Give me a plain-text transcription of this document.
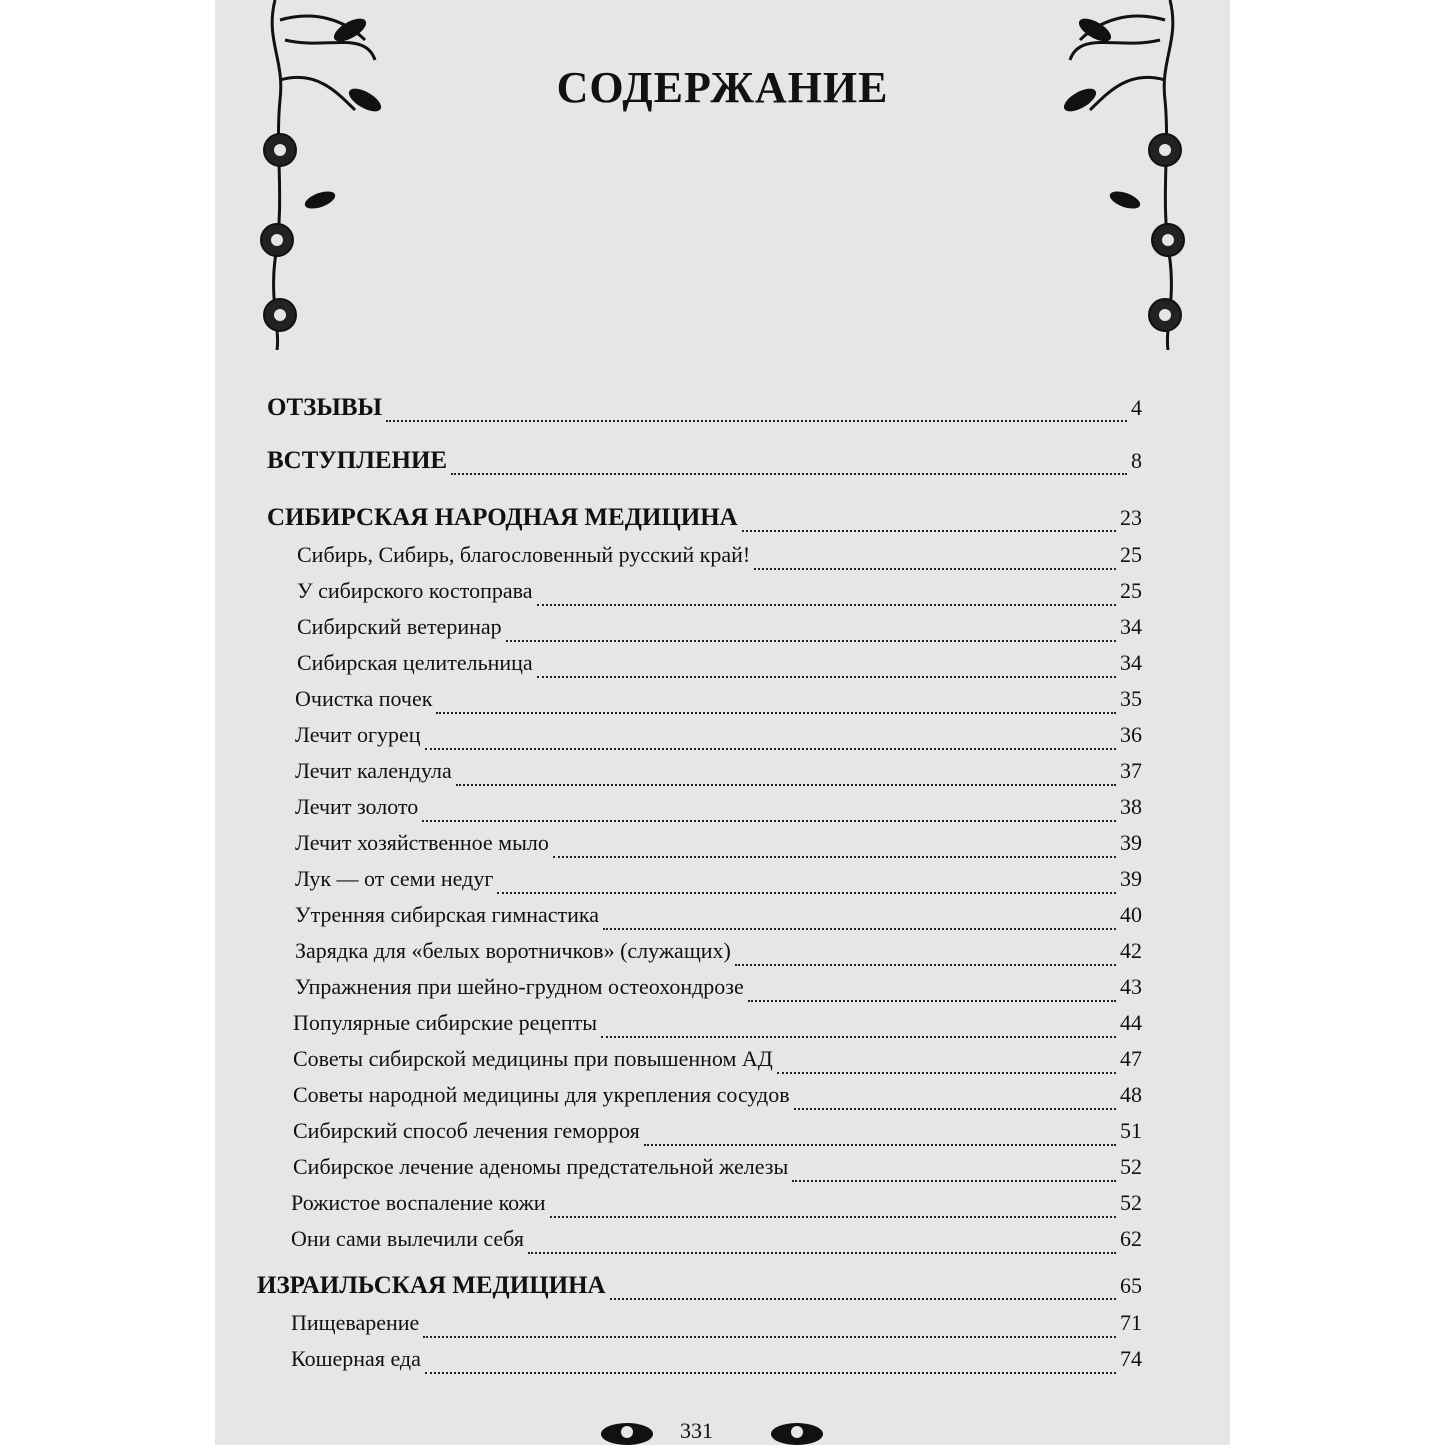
СОДЕРЖАНИЕ
ОТЗЫВЫ	4
ВСТУПЛЕНИЕ	8
СИБИРСКАЯ НАРОДНАЯ МЕДИЦИНА	23
Сибирь, Сибирь, благословенный русский край!	25
У сибирского костоправа	25
Сибирский ветеринар	34
Сибирская целительница	34
Очистка почек	35
Лечит огурец	36
Лечит календула	37
Лечит золото	38
Лечит хозяйственное мыло	39
Лук — от семи недуг	39
Утренняя сибирская гимнастика	40
Зарядка для «белых воротничков» (служащих)	42
Упражнения при шейно-грудном остеохондрозе	43
Популярные сибирские рецепты	44
Советы сибирской медицины при повышенном АД	47
Советы народной медицины для укрепления сосудов	48
Сибирский способ лечения геморроя	51
Сибирское лечение аденомы предстательной железы	52
Рожистое воспаление кожи	52
Они сами вылечили себя	62
ИЗРАИЛЬСКАЯ МЕДИЦИНА	65
Пищеварение	71
Кошерная еда	74
331
